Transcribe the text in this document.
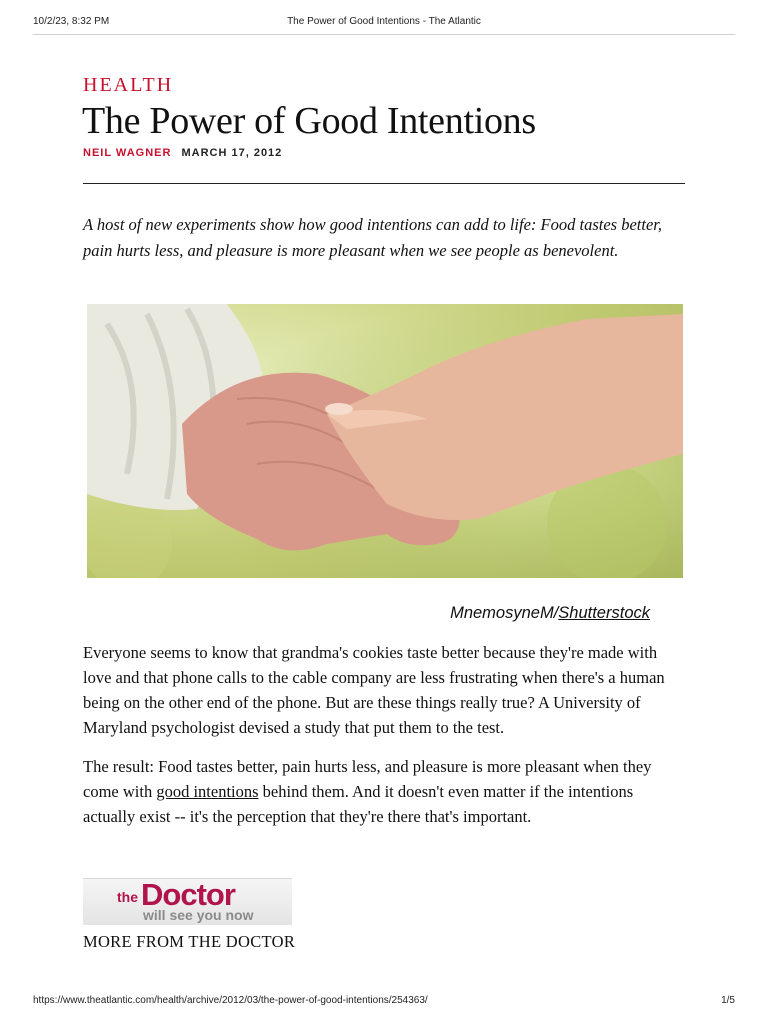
10/2/23, 8:32 PM	The Power of Good Intentions - The Atlantic
HEALTH
The Power of Good Intentions
NEIL WAGNER MARCH 17, 2012

A host of new experiments show how good intentions can add to life: Food tastes better, pain hurts less, and pleasure is more pleasant when we see people as benevolent.

MnemosyneM/Shutterstock

Everyone seems to know that grandma's cookies taste better because they're made with love and that phone calls to the cable company are less frustrating when there's a human being on the other end of the phone. But are these things really true? A University of Maryland psychologist devised a study that put them to the test.

The result: Food tastes better, pain hurts less, and pleasure is more pleasant when they come with good intentions behind them. And it doesn't even matter if the intentions actually exist -- it's the perception that they're there that's important.

the Doctor
will see you now
MORE FROM THE DOCTOR
https://www.theatlantic.com/health/archive/2012/03/the-power-of-good-intentions/254363/	1/5
